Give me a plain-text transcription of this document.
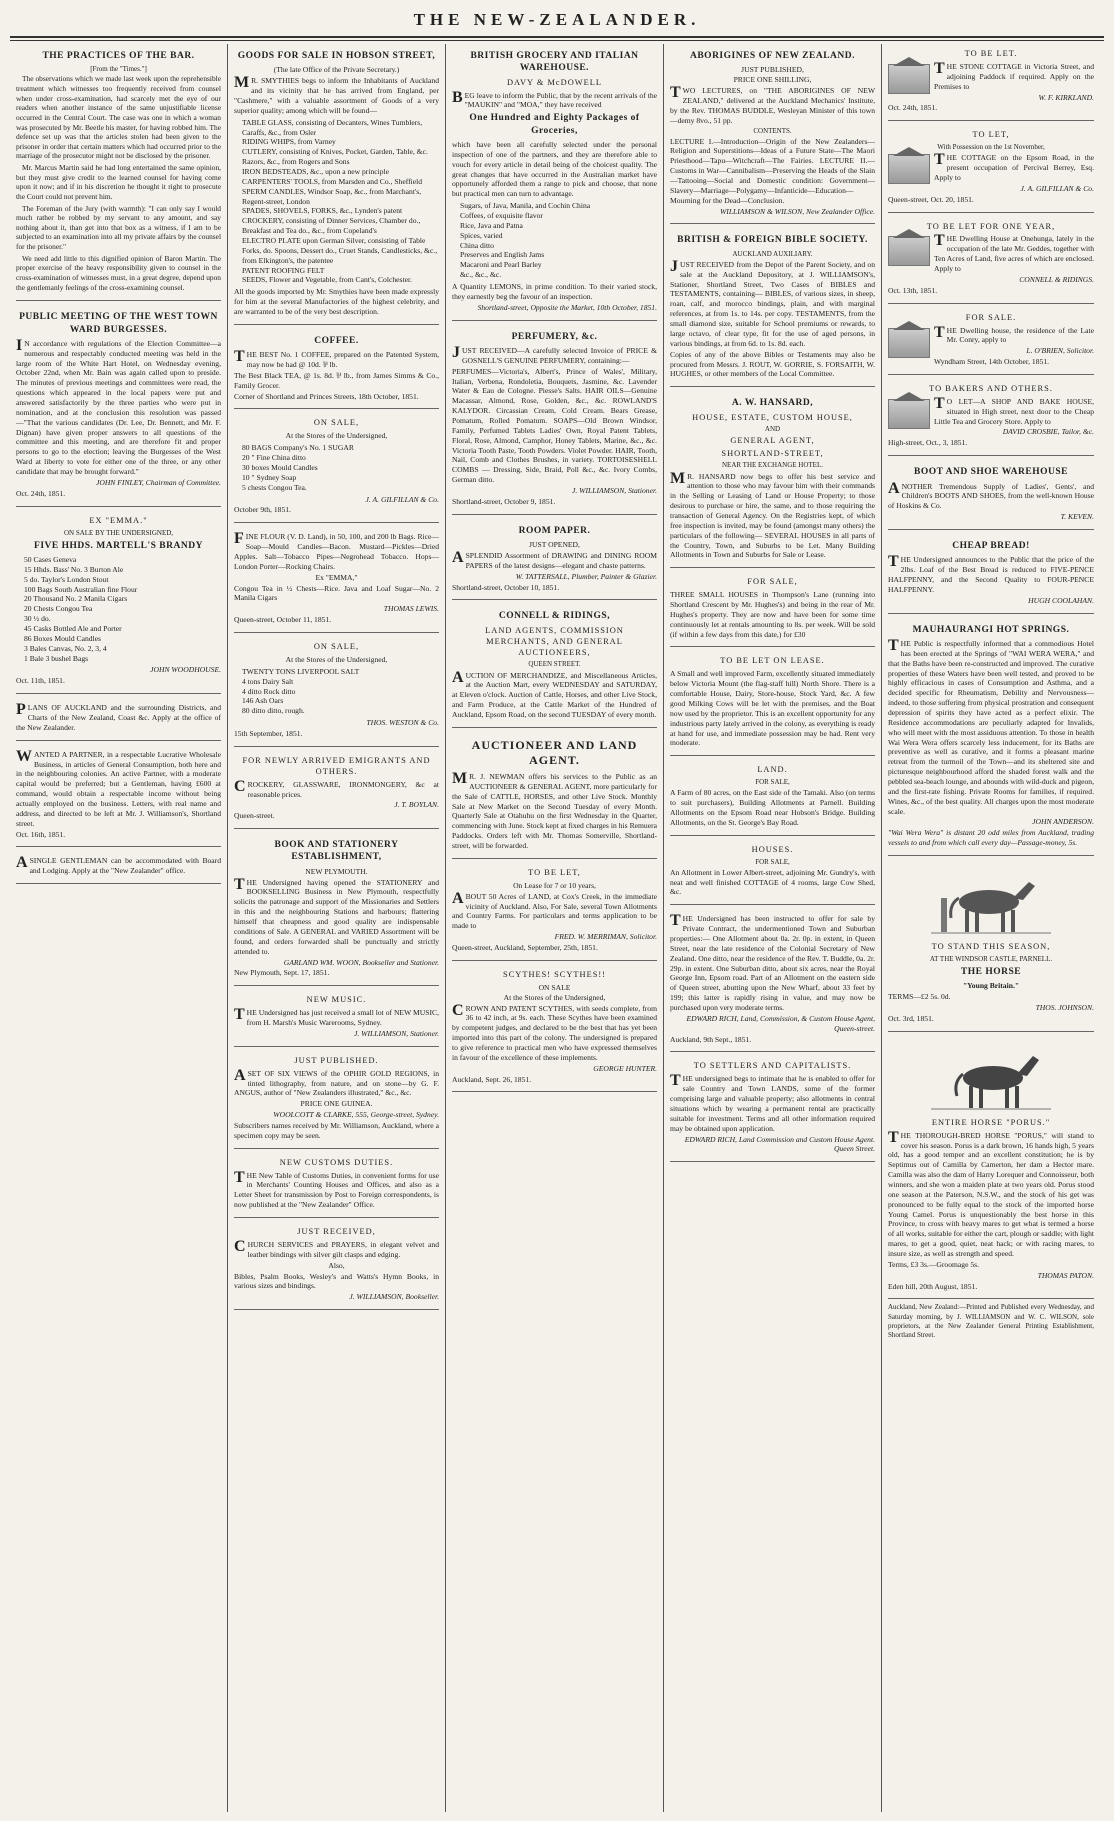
THE NEW-ZEALANDER.
THE PRACTICES OF THE BAR.
[From the "Times."]

The observations which we made last week upon the reprehensible treatment which witnesses too frequently received from counsel when under cross-examination, had scarcely met the eye of our readers when another instance of the same unjustifiable license occurred in the Central Court. The case was one in which a woman was prosecuted by Mr. Beetle his master, for having robbed him. The defence set up was that the articles stolen had been given to the prisoner in order that certain matters which had occurred prior to the marriage of the prosecutor might not be disclosed by the prisoner.

Mr. Marcus Martin said he had long entertained the same opinion, but they must give credit to the learned counsel for having come upon it now; and if in his discretion he thought it right to prosecute the Court could not prevent him.

The Foreman of the Jury (with warmth): "I can only say I would much rather be robbed by my servant to any amount, and say nothing about it, than get into that box as a witness, if I am to be subjected to an examination into all my private affairs by the counsel for the prisoner."

We need add little to this dignified opinion of Baron Martin. The proper exercise of the heavy responsibility given to counsel in the cross-examination of witnesses must, in a great degree, depend upon the gentlemanly feelings of the cross-examining counsel.

PUBLIC MEETING OF THE WEST TOWN WARD BURGESSES.

IN accordance with regulations of the Election Committee—a numerous and respectably conducted meeting was held in the large room of the White Hart Hotel, on Wednesday evening, October 22nd, when Mr. Bain was again called upon to preside. The minutes of previous meetings and committees were read, the questions which appeared in the local papers were put and answered satisfactorily by the three parties who were put in nomination, and at the conclusion this resolution was passed—"That the various candidates (Dr. Lee, Dr. Bennett, and Mr. F. Dignan) have given proper answers to all questions of the committee and this meeting, and are therefore fit and proper persons to go to the election; leaving the Burgesses of the West Ward at liberty to vote for either one of the three, or any other candidate that may be brought forward."

JOHN FINLEY, Chairman of Committee.

Oct. 24th, 1851.

EX "EMMA."
ON SALE BY THE UNDERSIGNED,
FIVE HHDS. MARTELL'S BRANDY
50 Cases Geneva
15 Hhds. Bass' No. 3 Burton Ale
5 do. Taylor's London Stout
100 Bags South Australian fine Flour
20 Thousand No. 2 Manila Cigars
20 Chests Congou Tea
30 ½ do.
45 Casks Bottled Ale and Porter
86 Boxes Mould Candles
3 Bales Canvas, No. 2, 3, 4
1 Bale 3 bushel Bags

JOHN WOODHOUSE.

Oct. 11th, 1851.

PLANS OF AUCKLAND and the surrounding Districts, and Charts of the New Zealand, Coast &c. Apply at the office of the New Zealander.

WANTED A PARTNER, in a respectable Lucrative Wholesale Business, in articles of General Consumption, both here and in the neighbouring colonies. An active Partner, with a moderate capital would be preferred; but a Gentleman, having £600 at command, would obtain a respectable income without being actually employed on the business. Letters, with real name and address, and directed to be left at Mr. J. Williamson's, Shortland street.

Oct. 16th, 1851.

ASINGLE GENTLEMAN can be accommodated with Board and Lodging. Apply at the "New Zealander" office.

GOODS FOR SALE IN HOBSON STREET,
(The late Office of the Private Secretary.)

MR. SMYTHIES begs to inform the Inhabitants of Auckland and its vicinity that he has arrived from England, per "Cashmere," with a valuable assortment of Goods of a very superior quality; among which will be found—

TABLE GLASS, consisting of Decanters, Wines Tumblers, Caraffs, &c., from Osler
RIDING WHIPS, from Varney
CUTLERY, consisting of Knives, Pocket, Garden, Table, &c. Razors, &c., from Rogers and Sons
IRON BEDSTEADS, &c., upon a new principle
CARPENTERS' TOOLS, from Marsden and Co., Sheffield
SPERM CANDLES, Windsor Soap, &c., from Marchant's, Regent-street, London
SPADES, SHOVELS, FORKS, &c., Lynden's patent
CROCKERY, consisting of Dinner Services, Chamber do., Breakfast and Tea do., &c., from Copeland's
ELECTRO PLATE upon German Silver, consisting of Table Forks, do. Spoons, Dessert do., Cruet Stands, Candlesticks, &c., from Elkington's, the patentee
PATENT ROOFING FELT
SEEDS, Flower and Vegetable, from Cant's, Colchester.

All the goods imported by Mr. Smythies have been made expressly for him at the several Manufactories of the highest celebrity, and are warranted to be of the very best description.

COFFEE.

THE BEST No. 1 COFFEE, prepared on the Patented System, may now be had @ 10d. ⅌ lb.

The Best Black TEA, @ 1s. 8d. ⅌ lb., from James Simms & Co., Family Grocer.

Corner of Shortland and Princes Streets, 18th October, 1851.

ON SALE,
At the Stores of the Undersigned,
80 BAGS Company's No. 1 SUGAR
20 " Fine China ditto
30 boxes Mould Candles
10 " Sydney Soap
5 chests Congou Tea.

J. A. GILFILLAN & Co.

October 9th, 1851.

FINE FLOUR (V. D. Land), in 50, 100, and 200 lb Bags. Rice—Soap—Mould Candles—Bacon. Mustard—Pickles—Dried Apples. Salt—Tobacco Pipes—Negrohead Tobacco. Hops—London Porter—Rocking Chairs.

Ex "EMMA,"

Congou Tea in ½ Chests—Rice. Java and Loaf Sugar—No. 2 Manila Cigars

THOMAS LEWIS.

Queen-street, October 11, 1851.

ON SALE,
At the Stores of the Undersigned,
TWENTY TONS LIVERPOOL SALT
4 tons Dairy Salt
4 ditto Rock ditto
146 Ash Oars
80 ditto ditto, rough.

THOS. WESTON & Co.

15th September, 1851.

FOR NEWLY ARRIVED EMIGRANTS AND OTHERS.

CROCKERY, GLASSWARE, IRONMONGERY, &c at reasonable prices.

J. T. BOYLAN.

Queen-street.

BOOK AND STATIONERY ESTABLISHMENT,
NEW PLYMOUTH.

THE Undersigned having opened the STATIONERY and BOOKSELLING Business in New Plymouth, respectfully solicits the patronage and support of the Missionaries and Settlers in this and the neighbouring Stations and harbours; flattering himself that cheapness and good quality are indispensable conditions of Sale. A GENERAL and VARIED Assortment will be found, and orders forwarded shall be punctually and strictly attended to.

GARLAND WM. WOON, Bookseller and Stationer.

New Plymouth, Sept. 17, 1851.

NEW MUSIC.

THE Undersigned has just received a small lot of NEW MUSIC, from H. Marsh's Music Warerooms, Sydney.

J. WILLIAMSON, Stationer.

JUST PUBLISHED.

ASET OF SIX VIEWS of the OPHIR GOLD REGIONS, in tinted lithography, from nature, and on stone—by G. F. ANGUS, author of "New Zealanders illustrated," &c., &c.

PRICE ONE GUINEA.

WOOLCOTT & CLARKE, 555, George-street, Sydney.

Subscribers names received by Mr. Williamson, Auckland, where a specimen copy may be seen.

NEW CUSTOMS DUTIES.

THE New Table of Customs Duties, in convenient forms for use in Merchants' Counting Houses and Offices, and also as a Letter Sheet for transmission by Post to Foreign correspondents, is now published at the "New Zealander" Office.

JUST RECEIVED,

CHURCH SERVICES and PRAYERS, in elegant velvet and leather bindings with silver gilt clasps and edging.

Also,

Bibles, Psalm Books, Wesley's and Watts's Hymn Books, in various sizes and bindings.

J. WILLIAMSON, Bookseller.

BRITISH GROCERY AND ITALIAN WAREHOUSE.
DAVY & McDOWELL

BEG leave to inform the Public, that by the recent arrivals of the "MAUKIN" and "MOA," they have received

One Hundred and Eighty Packages of Groceries,

which have been all carefully selected under the personal inspection of one of the partners, and they are therefore able to vouch for every article in detail being of the choicest quality. The great changes that have occurred in the Australian market have opportunely afforded them a range to pick and choose, that none but practical men can turn to advantage.

Sugars, of Java, Manila, and Cochin China
Coffees, of exquisite flavor
Rice, Java and Patna
Spices, varied
China ditto
Preserves and English Jams
Macaroni and Pearl Barley
&c., &c., &c.

A Quantity LEMONS, in prime condition. To their varied stock, they earnestly beg the favour of an inspection.

Shortland-street, Opposite the Market, 10th October, 1851.

PERFUMERY, &c.

JUST RECEIVED—A carefully selected Invoice of PRICE & GOSNELL'S GENUINE PERFUMERY, containing:—

PERFUMES—Victoria's, Albert's, Prince of Wales', Military, Italian, Verbena, Rondoletia, Bouquets, Jasmine, &c. Lavender Water & Eau de Cologne. Piesse's Salts. HAIR OILS—Genuine Macassar, Almond, Rose, Golden, &c., &c. ROWLAND'S KALYDOR. Circassian Cream, Cold Cream. Bears Grease, Pomatum, Rolled Pomatum. SOAPS—Old Brown Windsor, Family, Perfumed Tablets Ladies' Own, Royal Patent Tablets, Floral, Rose, Almond, Camphor, Honey Tablets, Marine, &c., &c. Victoria Tooth Paste, Tooth Powders. Violet Powder. HAIR, Tooth, Nail, Comb and Clothes Brushes, in variety. TORTOISESHELL COMBS — Dressing, Side, Braid, Poll &c., &c. Ivory Combs, German ditto.

J. WILLIAMSON, Stationer.

Shortland-street, October 9, 1851.

ROOM PAPER.
JUST OPENED,

ASPLENDID Assortment of DRAWING and DINING ROOM PAPERS of the latest designs—elegant and chaste patterns.

W. TATTERSALL, Plumber, Painter & Glazier.

Shortland-street, October 10, 1851.

CONNELL & RIDINGS,
LAND AGENTS, COMMISSION MERCHANTS, AND GENERAL AUCTIONEERS,
QUEEN STREET.

AUCTION OF MERCHANDIZE, and Miscellaneous Articles, at the Auction Mart, every WEDNESDAY and SATURDAY, at Eleven o'clock. Auction of Cattle, Horses, and other Live Stock, and Farm Produce, at the Cattle Market of the Hundred of Auckland, Epsom Road, on the second TUESDAY of every month.

AUCTIONEER AND LAND AGENT.

MR. J. NEWMAN offers his services to the Public as an AUCTIONEER & GENERAL AGENT, more particularly for the Sale of CATTLE, HORSES, and other Live Stock. Monthly Sale at New Market on the Second Tuesday of every Month. Quarterly Sale at Otahuhu on the first Wednesday in the Quarter, commencing with June. Stock kept at fixed charges in his Remuera Paddocks. Orders left with Mr. Thomas Somerville, Shortland-street, will be forwarded.

TO BE LET,
On Lease for 7 or 10 years,

ABOUT 50 Acres of LAND, at Cox's Creek, in the immediate vicinity of Auckland. Also, For Sale, several Town Allotments and Country Farms. For particulars and terms application to be made to

FRED. W. MERRIMAN, Solicitor.

Queen-street, Auckland, September, 25th, 1851.

SCYTHES! SCYTHES!!
ON SALE
At the Stores of the Undersigned,

CROWN AND PATENT SCYTHES, with seeds complete, from 36 to 42 inch, at 9s. each. These Scythes have been examined by competent judges, and declared to be the best that has yet been imported into this part of the colony. The undersigned is prepared to give reference to practical men who have expressed themselves in favour of the excellence of these implements.

GEORGE HUNTER.

Auckland, Sept. 26, 1851.

ABORIGINES OF NEW ZEALAND.
JUST PUBLISHED,
PRICE ONE SHILLING,

TWO LECTURES, on "THE ABORIGINES OF NEW ZEALAND," delivered at the Auckland Mechanics' Institute, by the Rev. THOMAS BUDDLE, Wesleyan Minister of this town—demy 8vo., 51 pp.

CONTENTS.

LECTURE I.—Introduction—Origin of the New Zealanders—Religion and Superstitions—Ideas of a Future State—The Maori Priesthood—Tapu—Witchcraft—The Fairies. LECTURE II.—Customs in War—Cannibalism—Preserving the Heads of the Slain—Tattooing—Social and Domestic condition: Government—Slavery—Marriage—Polygamy—Infanticide—Education—Mourning for the Dead—Conclusion.

WILLIAMSON & WILSON, New Zealander Office.

BRITISH & FOREIGN BIBLE SOCIETY.
AUCKLAND AUXILIARY.

JUST RECEIVED from the Depot of the Parent Society, and on sale at the Auckland Depository, at J. WILLIAMSON's, Stationer, Shortland Street, Two Cases of BIBLES and TESTAMENTS, containing— BIBLES, of various sizes, in sheep, roan, calf, and morocco bindings, plain, and with marginal references, at from 1s. to 14s. per copy. TESTAMENTS, from the small diamond size, suitable for School premiums or rewards, to large octavo, of clear type, fit for the use of aged persons, in various bindings, at from 6d. to 1s. 8d. each.

Copies of any of the above Bibles or Testaments may also be procured from Messrs. J. ROUT, W. GORRIE, S. FORSAITH, W. HUGHES, or other members of the Local Committee.

A. W. HANSARD,
HOUSE, ESTATE, CUSTOM HOUSE,
AND
GENERAL AGENT,
SHORTLAND-STREET,
NEAR THE EXCHANGE HOTEL.

MR. HANSARD now begs to offer his best service and attention to those who may favour him with their commands in the Selling or Leasing of Land or House Property; to those desirous to purchase or hire, the same, and to those requiring the transaction of General Agency. On the Registries kept, of which free inspection is invited, may be found (amongst many others) the particulars of the following— SEVERAL HOUSES in all parts of the Country, Town, and Suburbs to be Let. Many Building Allotments in Town and Suburbs for Sale or Lease.

FOR SALE,

THREE SMALL HOUSES in Thompson's Lane (running into Shortland Crescent by Mr. Hughes's) and being in the rear of Mr. Hughes's property. They are now and have been for some time continuously let at rentals amounting to 8s. per week. Will be sold (if within a few days from this date,) for £30

TO BE LET ON LEASE.

A Small and well improved Farm, excellently situated immediately below Victoria Mount (the flag-staff hill) North Shore. There is a comfortable House, Dairy, Store-house, Stock Yard, &c. A few good Milking Cows will be let with the premises, and the Boat now used by the proprietor. This is an excellent opportunity for any industrious party lately arrived in the colony, as everything is ready at hand for use, and immediate possession may be had. Rent very moderate.

LAND.
FOR SALE,

A Farm of 80 acres, on the East side of the Tamaki. Also (on terms to suit purchasers), Building Allotments at Parnell. Building Allotments on the Epsom Road near Hobson's Bridge. Building Allotments, on the St. George's Bay Road.

HOUSES.
FOR SALE,

An Allotment in Lower Albert-street, adjoining Mr. Gundry's, with neat and well finished COTTAGE of 4 rooms, large Cow Shed, &c.

THE Undersigned has been instructed to offer for sale by Private Contract, the undermentioned Town and Suburban properties:— One Allotment about 0a. 2r. 0p. in extent, in Queen Street, near the late residence of the Colonial Secretary of New Zealand. One ditto, near the residence of the Rev. T. Buddle, 0a. 2r. 29p. in extent. One Suburban ditto, about six acres, near the Royal George Inn, Epsom road. Part of an Allotment on the eastern side of Queen street, abutting upon the New Wharf, about 33 feet by 199; this latter is rapidly rising in value, and may now be purchased upon very moderate terms.

EDWARD RICH, Land, Commission, & Custom House Agent, Queen-street.

Auckland, 9th Sept., 1851.

TO SETTLERS AND CAPITALISTS.

THE undersigned begs to intimate that he is enabled to offer for sale Country and Town LANDS, some of the former comprising large and valuable property; also allotments in central situations which by wearing a permanent rental are practically suitable for investment. Terms and all other information required may be obtained upon application.

EDWARD RICH, Land Commission and Custom House Agent. Queen Street.

TO BE LET.

THE STONE COTTAGE in Victoria Street, and adjoining Paddock if required. Apply on the Premises to

W. F. KIRKLAND.

Oct. 24th, 1851.

TO LET,
With Possession on the 1st November,

THE COTTAGE on the Epsom Road, in the present occupation of Percival Berrey, Esq. Apply to

J. A. GILFILLAN & Co.

Queen-street, Oct. 20, 1851.

TO BE LET FOR ONE YEAR,

THE Dwelling House at Onehunga, lately in the occupation of the late Mr. Geddes, together with Ten Acres of Land, five acres of which are enclosed. Apply to

CONNELL & RIDINGS.

Oct. 13th, 1851.

FOR SALE.

THE Dwelling house, the residence of the Late Mr. Conry, apply to

L. O'BRIEN, Solicitor.

Wyndham Street, 14th October, 1851.

TO BAKERS AND OTHERS.

TO LET—A SHOP AND BAKE HOUSE, situated in High street, next door to the Cheap Little Tea and Grocery Store. Apply to

DAVID CROSBIE, Tailor, &c.

High-street, Oct., 3, 1851.

BOOT AND SHOE WAREHOUSE

ANOTHER Tremendous Supply of Ladies', Gents', and Children's BOOTS AND SHOES, from the well-known House of Hoskins & Co.

T. KEVEN.

CHEAP BREAD!

THE Undersigned announces to the Public that the price of the 2lbs. Loaf of the Best Bread is reduced to FIVE-PENCE HALFPENNY, and the Second Quality to FOUR-PENCE HALFPENNY.

HUGH COOLAHAN.

MAUHAURANGI HOT SPRINGS.

THE Public is respectfully informed that a commodious Hotel has been erected at the Springs of "WAI WERA WERA," and that the Baths have been re-constructed and improved. The curative properties of these Waters have been well tested, and proved to be highly efficacious in cases of Consumption and Asthma, and a decided specific for Rheumatism, Debility and Nervousness—indeed, to those suffering from physical prostration and consequent depression of spirits they have acted as a perfect elixir. The Residence accommodations are peculiarly adapted for Invalids, who will meet with the most assiduous attention. To those in health Wai Wera Wera offers scarcely less inducement, for its Baths are preventive as well as curative, and it forms a pleasant marine retreat from the turmoil of the Town—and its sheltered site and picturesque neighbourhood afford the shaded forest walk and the pebbled sea-beach lounge, and abounds with wild-duck and pigeon, and the first-rate fishing. Private Rooms for families, if required. Wines, &c., of the best quality. All charges upon the most moderate scale.

JOHN ANDERSON.

"Wai Wera Wera" is distant 20 odd miles from Auckland, trading vessels to and from which call every day—Passage-money, 5s.

TO STAND THIS SEASON,
AT THE WINDSOR CASTLE, PARNELL.
THE HORSE
"Young Britain."

TERMS—£2 5s. 0d.

THOS. JOHNSON.

Oct. 3rd, 1851.

ENTIRE HORSE "PORUS."

THE THOROUGH-BRED HORSE "PORUS," will stand to cover his season. Porus is a dark brown, 16 hands high, 5 years old, has a good temper and an excellent constitution; he is by Septimus out of Camilla by Camerton, her dam a Hector mare. Camilla was also the dam of Harry Lorequer and Connoisseur, both winners, and she won a maiden plate at two years old. Porus stood one season at the Paterson, N.S.W., and the stock of his get was pronounced to be fully equal to the stock of the imported horse Young Camel. Porus is unquestionably the best horse in this Province, to cross with heavy mares to get what is termed a horse of all works, suitable for either the cart, plough or saddle; with light mares, to get a good, quiet, neat hack; or with racing mares, to insure size, as well as strength and speed.

Terms, £3 3s.—Groomage 5s.

THOMAS PATON.

Eden hill, 20th August, 1851.

Auckland, New Zealand:—Printed and Published every Wednesday, and Saturday morning, by J. WILLIAMSON and W. C. WILSON, sole proprietors, at the New Zealander General Printing Establishment, Shortland Street.
